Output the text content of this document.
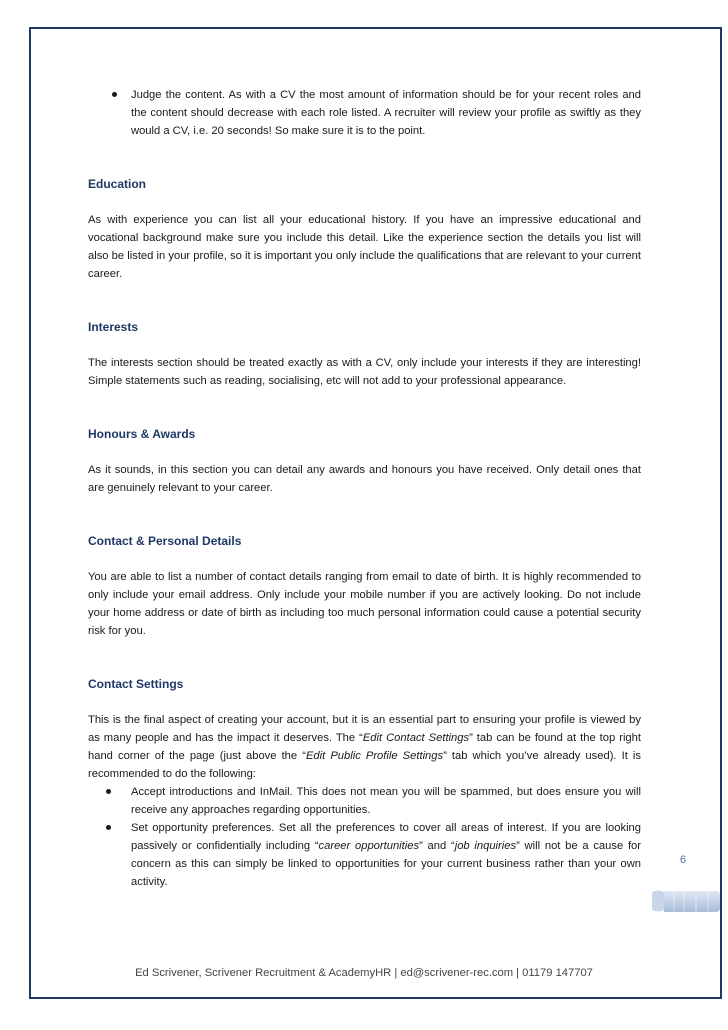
Judge the content. As with a CV the most amount of information should be for your recent roles and the content should decrease with each role listed. A recruiter will review your profile as swiftly as they would a CV, i.e. 20 seconds! So make sure it is to the point.
Education

As with experience you can list all your educational history. If you have an impressive educational and vocational background make sure you include this detail. Like the experience section the details you list will also be listed in your profile, so it is important you only include the qualifications that are relevant to your current career.

Interests

The interests section should be treated exactly as with a CV, only include your interests if they are interesting! Simple statements such as reading, socialising, etc will not add to your professional appearance.

Honours & Awards

As it sounds, in this section you can detail any awards and honours you have received. Only detail ones that are genuinely relevant to your career.

Contact & Personal Details

You are able to list a number of contact details ranging from email to date of birth. It is highly recommended to only include your email address. Only include your mobile number if you are actively looking. Do not include your home address or date of birth as including too much personal information could cause a potential security risk for you.

Contact Settings

This is the final aspect of creating your account, but it is an essential part to ensuring your profile is viewed by as many people and has the impact it deserves. The “Edit Contact Settings” tab can be found at the top right hand corner of the page (just above the “Edit Public Profile Settings” tab which you’ve already used). It is recommended to do the following:

Accept introductions and InMail. This does not mean you will be spammed, but does ensure you will receive any approaches regarding opportunities.
Set opportunity preferences. Set all the preferences to cover all areas of interest. If you are looking passively or confidentially including “career opportunities” and “job inquiries” will not be a cause for concern as this can simply be linked to opportunities for your current business rather than your own activity.
6
Ed Scrivener, Scrivener Recruitment & AcademyHR | ed@scrivener-rec.com | 01179 147707
